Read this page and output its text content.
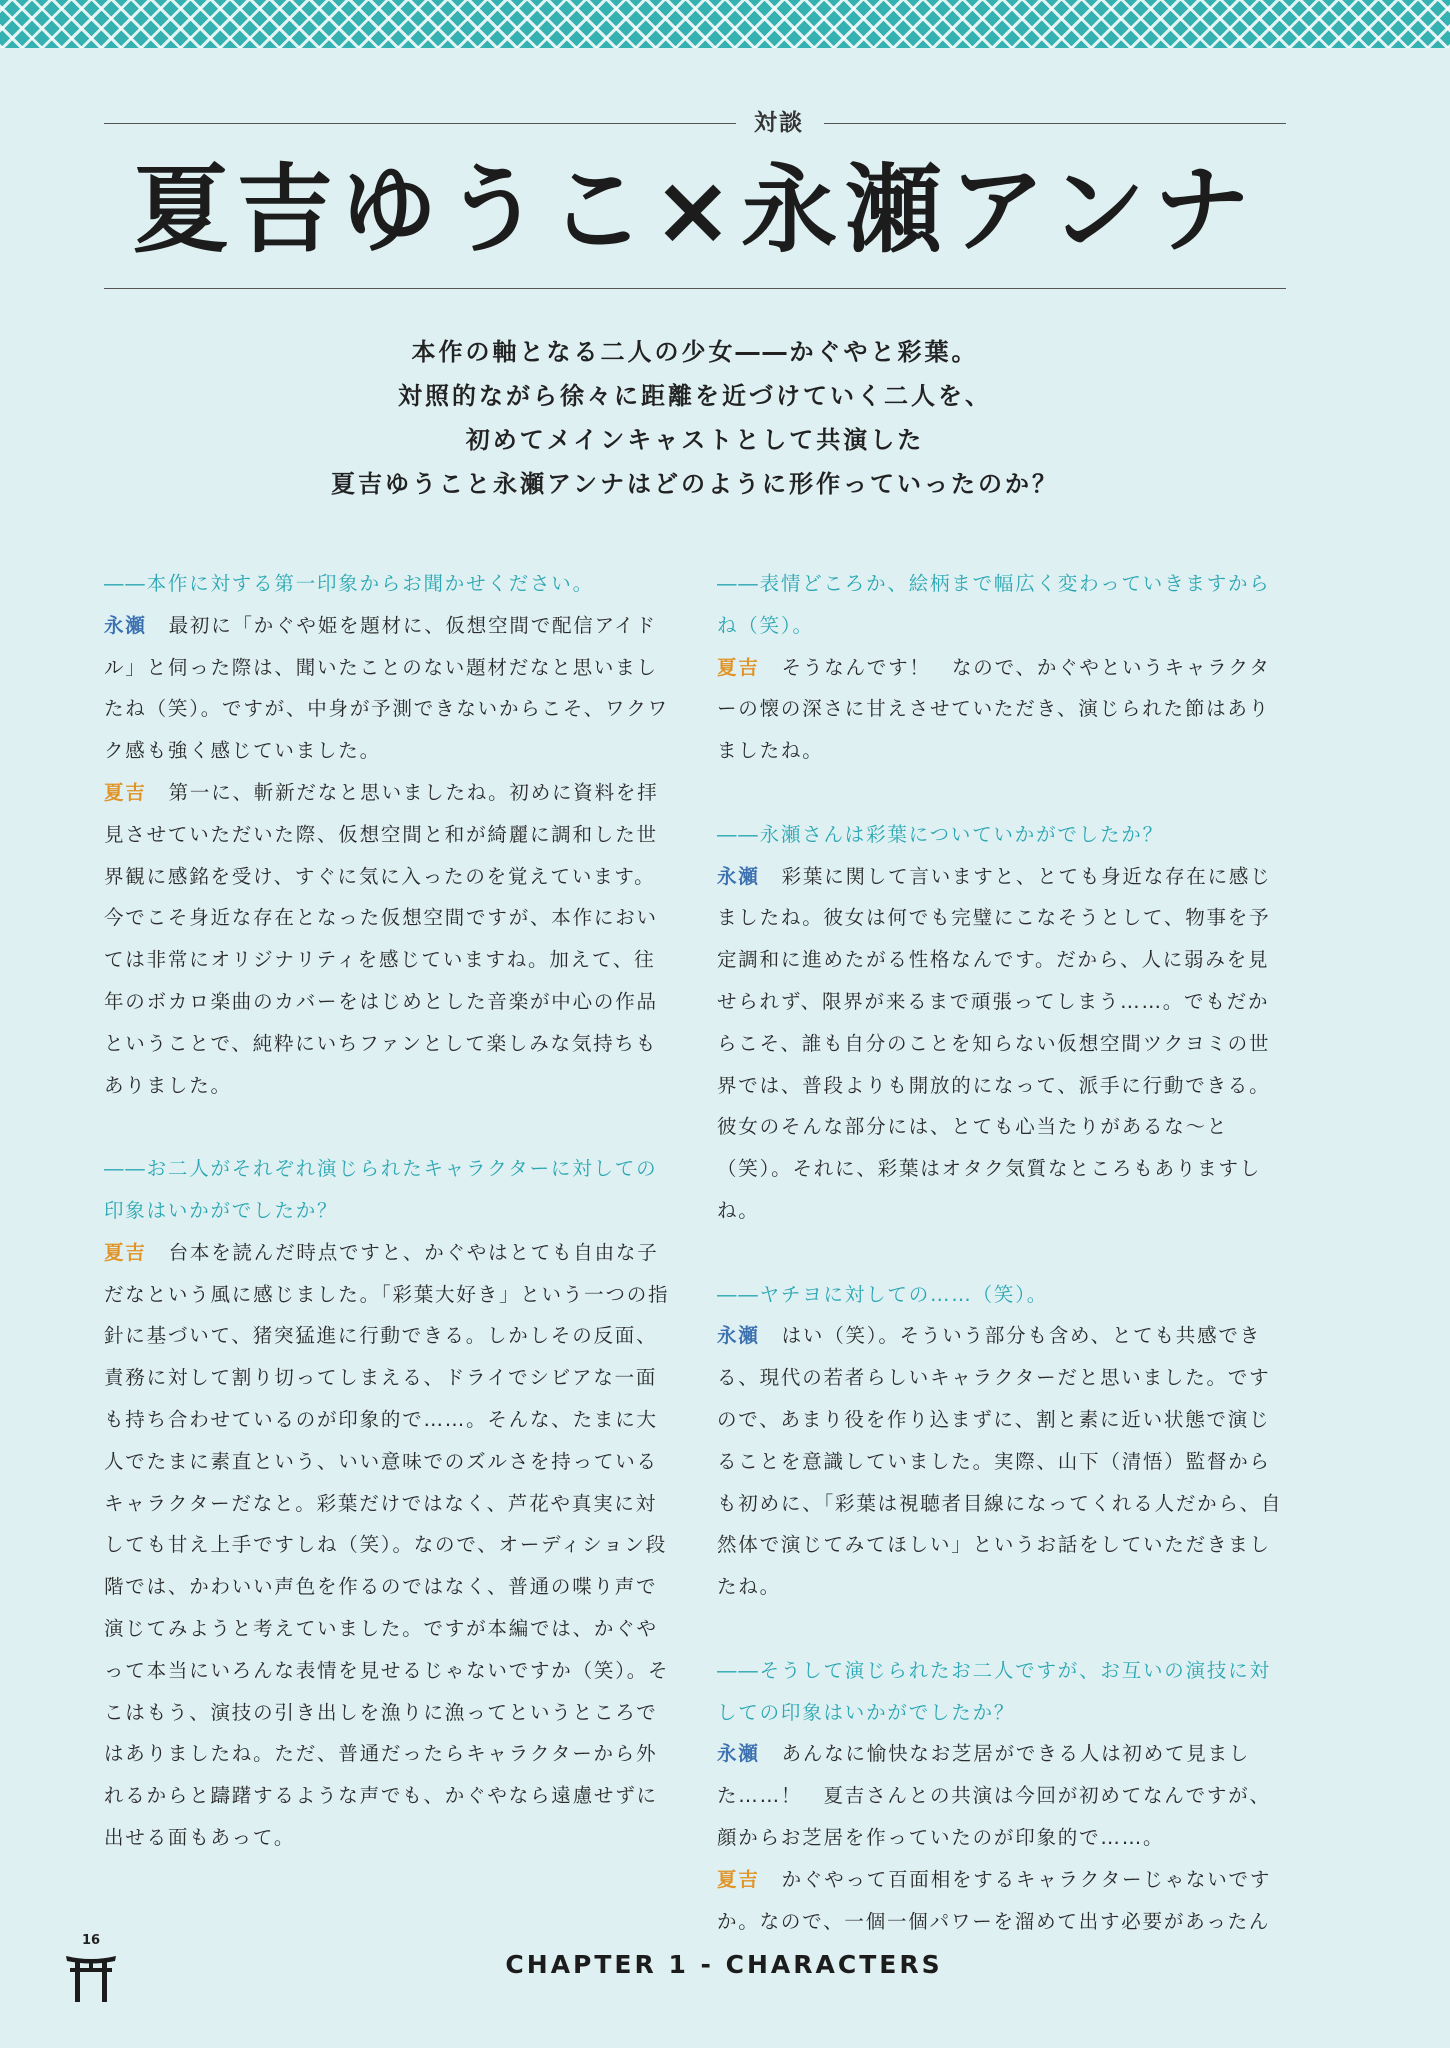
対談
夏吉ゆうこ×永瀬アンナ

本作の軸となる二人の少女――かぐやと彩葉。

対照的ながら徐々に距離を近づけていく二人を、

初めてメインキャストとして共演した

夏吉ゆうこと永瀬アンナはどのように形作っていったのか？

――本作に対する第一印象からお聞かせください。

永瀬 最初に「かぐや姫を題材に、仮想空間で配信アイドル」と伺った際は、聞いたことのない題材だなと思いましたね（笑）。ですが、中身が予測できないからこそ、ワクワク感も強く感じていました。

夏吉 第一に、斬新だなと思いましたね。初めに資料を拝見させていただいた際、仮想空間と和が綺麗に調和した世界観に感銘を受け、すぐに気に入ったのを覚えています。今でこそ身近な存在となった仮想空間ですが、本作においては非常にオリジナリティを感じていますね。加えて、往年のボカロ楽曲のカバーをはじめとした音楽が中心の作品ということで、純粋にいちファンとして楽しみな気持ちもありました。

――お二人がそれぞれ演じられたキャラクターに対しての印象はいかがでしたか？

夏吉 台本を読んだ時点ですと、かぐやはとても自由な子だなという風に感じました。「彩葉大好き」という一つの指針に基づいて、猪突猛進に行動できる。しかしその反面、責務に対して割り切ってしまえる、ドライでシビアな一面も持ち合わせているのが印象的で……。そんな、たまに大人でたまに素直という、いい意味でのズルさを持っているキャラクターだなと。彩葉だけではなく、芦花や真実に対しても甘え上手ですしね（笑）。なので、オーディション段階では、かわいい声色を作るのではなく、普通の喋り声で演じてみようと考えていました。ですが本編では、かぐやって本当にいろんな表情を見せるじゃないですか（笑）。そこはもう、演技の引き出しを漁りに漁ってというところではありましたね。ただ、普通だったらキャラクターから外れるからと躊躇するような声でも、かぐやなら遠慮せずに出せる面もあって。

――表情どころか、絵柄まで幅広く変わっていきますからね（笑）。

夏吉 そうなんです！　なので、かぐやというキャラクターの懐の深さに甘えさせていただき、演じられた節はありましたね。

――永瀬さんは彩葉についていかがでしたか？

永瀬 彩葉に関して言いますと、とても身近な存在に感じましたね。彼女は何でも完璧にこなそうとして、物事を予定調和に進めたがる性格なんです。だから、人に弱みを見せられず、限界が来るまで頑張ってしまう……。でもだからこそ、誰も自分のことを知らない仮想空間ツクヨミの世界では、普段よりも開放的になって、派手に行動できる。彼女のそんな部分には、とても心当たりがあるな～と（笑）。それに、彩葉はオタク気質なところもありますしね。

――ヤチヨに対しての……（笑）。

永瀬 はい（笑）。そういう部分も含め、とても共感できる、現代の若者らしいキャラクターだと思いました。ですので、あまり役を作り込まずに、割と素に近い状態で演じることを意識していました。実際、山下（清悟）監督からも初めに、「彩葉は視聴者目線になってくれる人だから、自然体で演じてみてほしい」というお話をしていただきましたね。

――そうして演じられたお二人ですが、お互いの演技に対しての印象はいかがでしたか？

永瀬 あんなに愉快なお芝居ができる人は初めて見ました……！　夏吉さんとの共演は今回が初めてなんですが、顔からお芝居を作っていたのが印象的で……。

夏吉 かぐやって百面相をするキャラクターじゃないですか。なので、一個一個パワーを溜めて出す必要があったん

16
CHAPTER 1 - CHARACTERS
